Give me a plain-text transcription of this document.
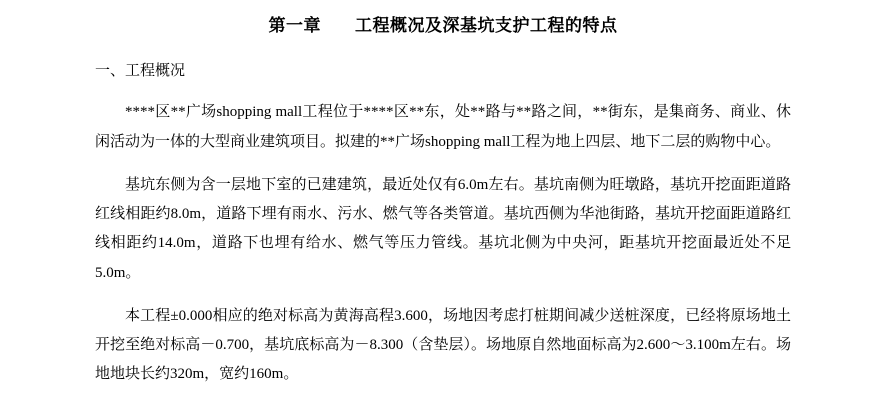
第一章 工程概况及深基坑支护工程的特点
一、工程概况

****区**广场shopping mall工程位于****区**东，处**路与**路之间，**街东，是集商务、商业、休闲活动为一体的大型商业建筑项目。拟建的**广场shopping mall工程为地上四层、地下二层的购物中心。

基坑东侧为含一层地下室的已建建筑，最近处仅有6.0m左右。基坑南侧为旺墩路，基坑开挖面距道路红线相距约8.0m，道路下埋有雨水、污水、燃气等各类管道。基坑西侧为华池街路，基坑开挖面距道路红线相距约14.0m，道路下也埋有给水、燃气等压力管线。基坑北侧为中央河，距基坑开挖面最近处不足5.0m。

本工程±0.000相应的绝对标高为黄海高程3.600，场地因考虑打桩期间减少送桩深度，已经将原场地土开挖至绝对标高－0.700，基坑底标高为－8.300（含垫层）。场地原自然地面标高为2.600～3.100m左右。场地地块长约320m，宽约160m。
